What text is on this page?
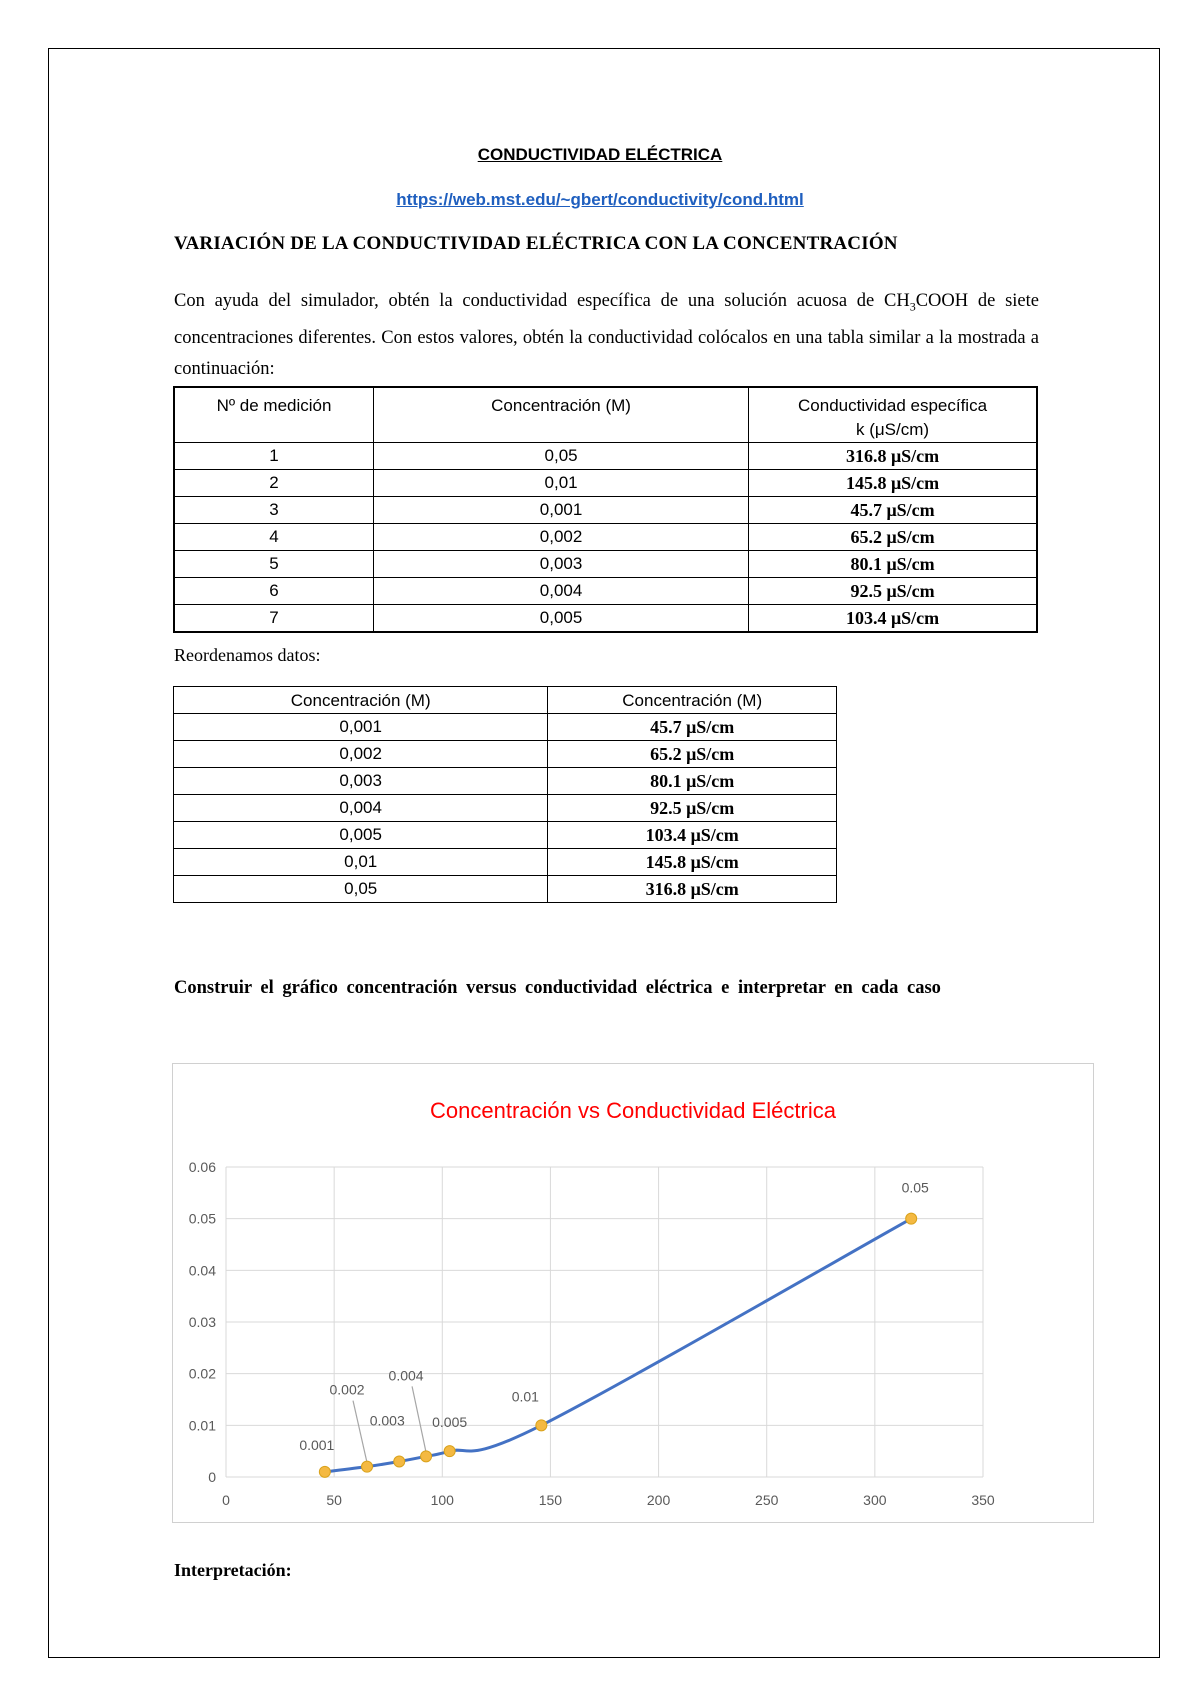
CONDUCTIVIDAD ELÉCTRICA
https://web.mst.edu/~gbert/conductivity/cond.html
VARIACIÓN DE LA CONDUCTIVIDAD ELÉCTRICA CON LA CONCENTRACIÓN
Con ayuda del simulador, obtén la conductividad específica de una solución acuosa de $CH_3COOH$ de siete concentraciones diferentes. Con estos valores, obtén la conductividad colócalos en una tabla similar a la mostrada a continuación:
Nº de medición	Concentración (M)	Conductividad específica
k (μS/cm)
1	0,05	316.8 μS/cm
2	0,01	145.8 μS/cm
3	0,001	45.7 μS/cm
4	0,002	65.2 μS/cm
5	0,003	80.1 μS/cm
6	0,004	92.5 μS/cm
7	0,005	103.4 μS/cm
Reordenamos datos:
Concentración (M)	Concentración (M)
0,001	45.7 μS/cm
0,002	65.2 μS/cm
0,003	80.1 μS/cm
0,004	92.5 μS/cm
0,005	103.4 μS/cm
0,01	145.8 μS/cm
0,05	316.8 μS/cm
Construir el gráfico concentración versus conductividad eléctrica e interpretar en cada caso
Concentración vs Conductividad Eléctrica
0
0.01
0.02
0.03
0.04
0.05
0.06
0	50	100	150	200	250	300	350
0.001
0.002
0.003
0.004
0.005
0.01
0.05
Interpretación:
